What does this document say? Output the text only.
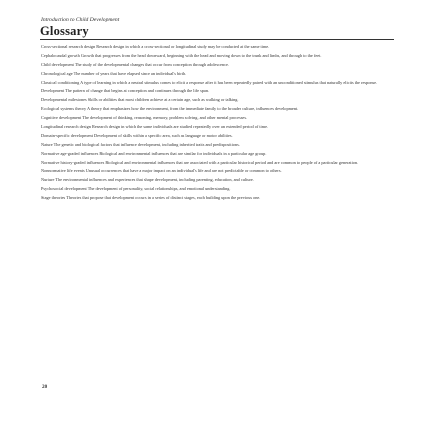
Introduction to Child Development
Glossary

Cross-sectional research design Research design in which a cross-sectional or longitudinal study may be conducted at the same time.

Cephalocaudal growth Growth that progresses from the head downward, beginning with the head and moving down to the trunk and limbs, and through to the feet.

Child development The study of the developmental changes that occur from conception through adolescence.

Chronological age The number of years that have elapsed since an individual's birth.

Classical conditioning A type of learning in which a neutral stimulus comes to elicit a response after it has been repeatedly paired with an unconditioned stimulus that naturally elicits the response.

Development The pattern of change that begins at conception and continues through the life span.

Developmental milestones Skills or abilities that most children achieve at a certain age, such as walking or talking.

Ecological systems theory A theory that emphasizes how the environment, from the immediate family to the broader culture, influences development.

Cognitive development The development of thinking, reasoning, memory, problem solving, and other mental processes.

Longitudinal research design Research design in which the same individuals are studied repeatedly over an extended period of time.

Domain-specific development Development of skills within a specific area, such as language or motor abilities.

Nature The genetic and biological factors that influence development, including inherited traits and predispositions.

Normative age-graded influences Biological and environmental influences that are similar for individuals in a particular age group.

Normative history-graded influences Biological and environmental influences that are associated with a particular historical period and are common to people of a particular generation.

Nonnormative life events Unusual occurrences that have a major impact on an individual's life and are not predictable or common to others.

Nurture The environmental influences and experiences that shape development, including parenting, education, and culture.

Psychosocial development The development of personality, social relationships, and emotional understanding.

Stage theories Theories that propose that development occurs in a series of distinct stages, each building upon the previous one.

20
